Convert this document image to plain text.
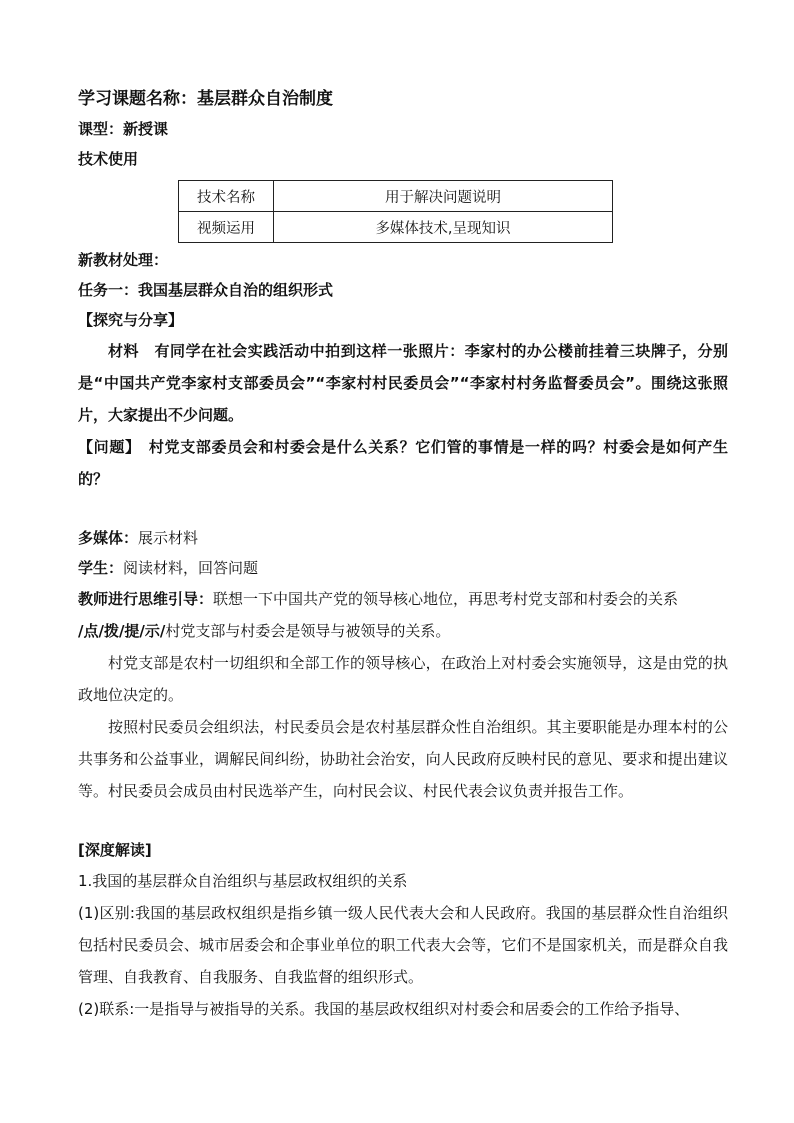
学习课题名称：基层群众自治制度
课型：新授课
技术使用
技术名称	用于解决问题说明
视频运用	多媒体技术,呈现知识
新教材处理：
任务一：我国基层群众自治的组织形式
【探究与分享】
材料　有同学在社会实践活动中拍到这样一张照片：李家村的办公楼前挂着三块牌子，分别是“中国共产党李家村支部委员会”“李家村村民委员会”“李家村村务监督委员会”。围绕这张照片，大家提出不少问题。
【问题】　村党支部委员会和村委会是什么关系？它们管的事情是一样的吗？村委会是如何产生的？
多媒体：展示材料
学生：阅读材料，回答问题
教师进行思维引导：联想一下中国共产党的领导核心地位，再思考村党支部和村委会的关系
/点/拨/提/示/村党支部与村委会是领导与被领导的关系。
村党支部是农村一切组织和全部工作的领导核心，在政治上对村委会实施领导，这是由党的执政地位决定的。
按照村民委员会组织法，村民委员会是农村基层群众性自治组织。其主要职能是办理本村的公共事务和公益事业，调解民间纠纷，协助社会治安，向人民政府反映村民的意见、要求和提出建议等。村民委员会成员由村民选举产生，向村民会议、村民代表会议负责并报告工作。
[深度解读]
1.我国的基层群众自治组织与基层政权组织的关系
(1)区别:我国的基层政权组织是指乡镇一级人民代表大会和人民政府。我国的基层群众性自治组织包括村民委员会、城市居委会和企事业单位的职工代表大会等，它们不是国家机关，而是群众自我管理、自我教育、自我服务、自我监督的组织形式。
(2)联系:一是指导与被指导的关系。我国的基层政权组织对村委会和居委会的工作给予指导、
